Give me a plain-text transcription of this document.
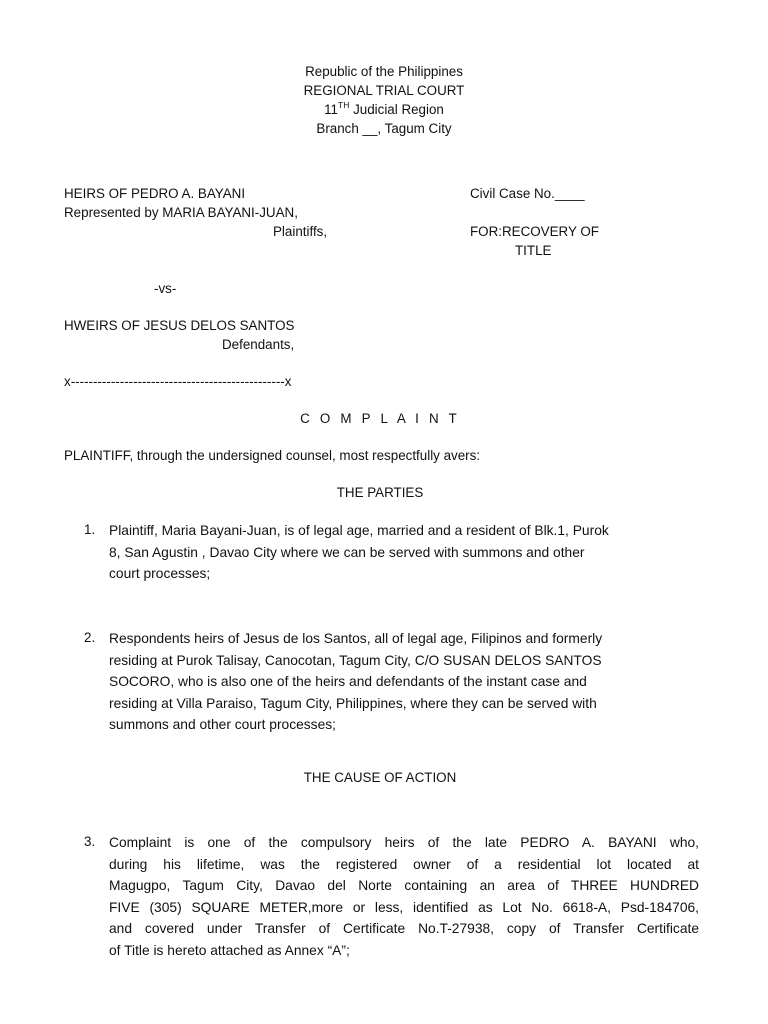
Republic of the Philippines
REGIONAL TRIAL COURT
11TH Judicial Region
Branch __, Tagum City
HEIRS OF PEDRO A. BAYANI
Represented by MARIA BAYANI-JUAN,
Plaintiffs,
Civil Case No.____
FOR:RECOVERY OF
TITLE
-vs-
HWEIRS OF JESUS DELOS SANTOS
Defendants,
x------------------------------------------------x
C O M P L A I N T
PLAINTIFF, through the undersigned counsel, most respectfully avers:
THE PARTIES
1.	Plaintiff, Maria Bayani-Juan, is of legal age, married and a resident of Blk.1, Purok
8, San Agustin , Davao City where we can be served with summons and other
court processes;
2.	Respondents heirs of Jesus de los Santos, all of legal age, Filipinos and formerly
residing at Purok Talisay, Canocotan, Tagum City, C/O SUSAN DELOS SANTOS
SOCORO, who is also one of the heirs and defendants of the instant case and
residing at Villa Paraiso, Tagum City, Philippines, where they can be served with
summons and other court processes;
THE CAUSE OF ACTION
3.	Complaint is one of the compulsory heirs of the late PEDRO A. BAYANI who,
during his lifetime, was the registered owner of a residential lot located at
Magugpo, Tagum City, Davao del Norte containing an area of THREE HUNDRED
FIVE (305) SQUARE METER,more or less, identified as Lot No. 6618-A, Psd-184706,
and covered under Transfer of Certificate No.T-27938, copy of Transfer Certificate
of Title is hereto attached as Annex “A”;
